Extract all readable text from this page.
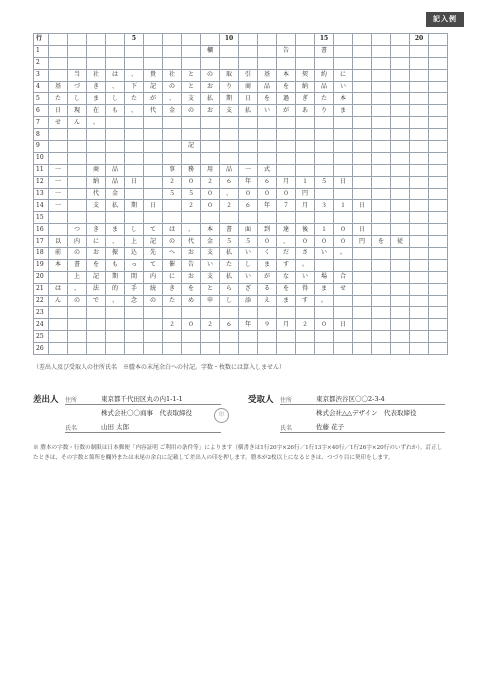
記入例
行					5					10					15					20	
1									欄				告		書						
2																					
3		当	社	は	、	貴	社	と	の	取	引	基	本	契	約	に					
4	基	づ	き	、	下	記	の	と	お	り	商	品	を	納	品	い					
5	た	し	ま	し	た	が	、	支	払	期	日	を	過	ぎ	た	本					
6	日	現	在	も	、	代	金	の	お	支	払	い	が	あ	り	ま					
7	せ	ん	。																		
8																					
9								記													
10																					
11	一		商	品			事	務	用	品	一	式									
12	一		納	品	日		２	０	２	６	年	６	月	１	５	日					
13	一		代	金			５	５	０	、	０	０	０	円							
14	一		支	払	期	日		２	０	２	６	年	７	月	３	１	日				
15																					
16		つ	き	ま	し	て	は	、	本	書	面	到	達	後	１	０	日				
17	以	内	に	、	上	記	の	代	金	５	５	０	、	０	０	０	円	を	従		
18	前	の	お	振	込	先	へ	お	支	払	い	く	だ	さ	い	。					
19	本	書	を	も	っ	て	催	告	い	た	し	ま	す	。							
20		上	記	期	間	内	に	お	支	払	い	が	な	い	場	合					
21	は	、	法	的	手	続	き	を	と	ら	ざ	る	を	得	ま	せ					
22	ん	の	で	、	念	の	た	め	申	し	添	え	ま	す	。						
23																					
24							２	０	２	６	年	９	月	２	０	日					
25																					
26																					
（差出人及び受取人の住所氏名　※謄本の末尾余白への付記。字数・枚数には算入しません）
差出人 住所	東京都千代田区丸の内1-1-1
株式会社〇〇商事　代表取締役
氏名	山田 太郎
印
受取人 住所	東京都渋谷区〇〇2-3-4
株式会社△△デザイン　代表取締役
氏名	佐藤 花子
※ 謄本の字数・行数の制限は日本郵便「内容証明 ご利用の条件等」によります（横書きは1行20字×26行／1行13字×40行／1行26字×20行のいずれか）。訂正したときは、その字数と箇所を欄外または末尾の余白に記載して差出人の印を押します。謄本が2枚以上になるときは、つづり目に契印をします。
